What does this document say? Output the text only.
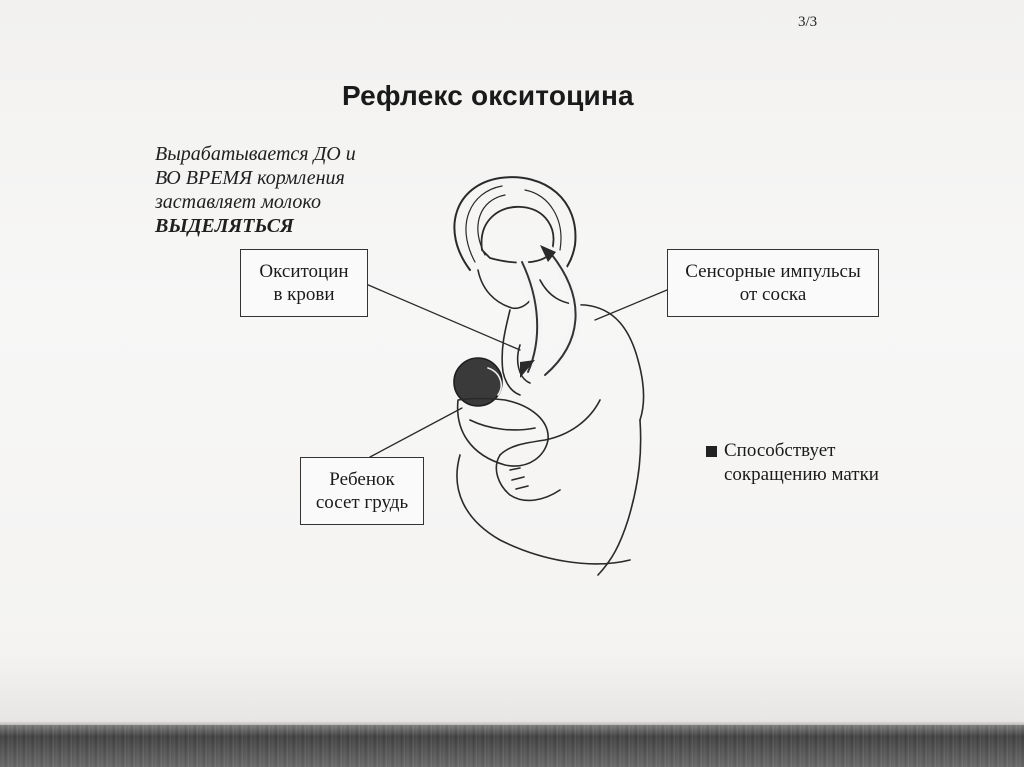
3/3
Рефлекс окситоцина
Вырабатывается ДО и
ВО ВРЕМЯ кормления
заставляет молоко
ВЫДЕЛЯТЬСЯ
Окситоцин
в крови
Сенсорные импульсы
от соска
Ребенок
сосет грудь
Способствует
сокращению матки
